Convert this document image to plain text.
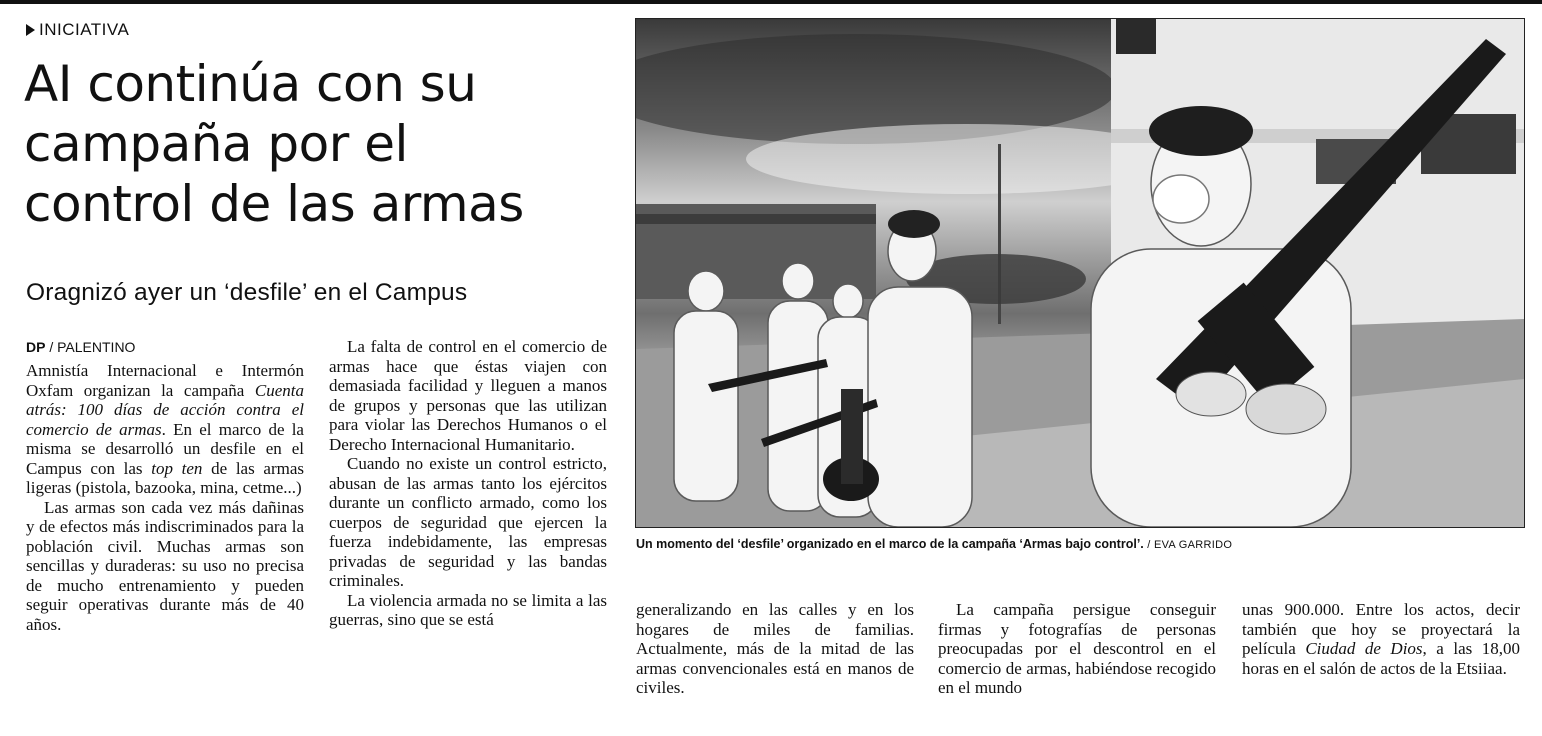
INICIATIVA
AI continúa con su
campaña por el
control de las armas
Oragnizó ayer un ‘desfile’ en el Campus
DP / PALENTINO

Amnistía Internacional e Intermón Oxfam organizan la campaña Cuenta atrás: 100 días de acción contra el comercio de armas. En el marco de la misma se desarrolló un desfile en el Campus con las top ten de las armas ligeras (pistola, bazooka, mina, cetme...)

Las armas son cada vez más dañinas y de efectos más indiscriminados para la población civil. Muchas armas son sencillas y duraderas: su uso no precisa de mucho entrenamiento y pueden seguir operativas durante más de 40 años.

La falta de control en el comercio de armas hace que éstas viajen con demasiada facilidad y lleguen a manos de grupos y personas que las utilizan para violar las Derechos Humanos o el Derecho Internacional Humanitario.

Cuando no existe un control estricto, abusan de las armas tanto los ejércitos durante un conflicto armado, como los cuerpos de seguridad que ejercen la fuerza indebidamente, las empresas privadas de seguridad y las bandas criminales.

La violencia armada no se limita a las guerras, sino que se está

Un momento del ‘desfile’ organizado en el marco de la campaña ‘Armas bajo control’. / EVA GARRIDO

generalizando en las calles y en los hogares de miles de familias. Actualmente, más de la mitad de las armas convencionales está en manos de civiles.

La campaña persigue conseguir firmas y fotografías de personas preocupadas por el descontrol en el comercio de armas, habiéndose recogido en el mundo

unas 900.000. Entre los actos, decir también que hoy se proyectará la película Ciudad de Dios, a las 18,00 horas en el salón de actos de la Etsiiaa.
